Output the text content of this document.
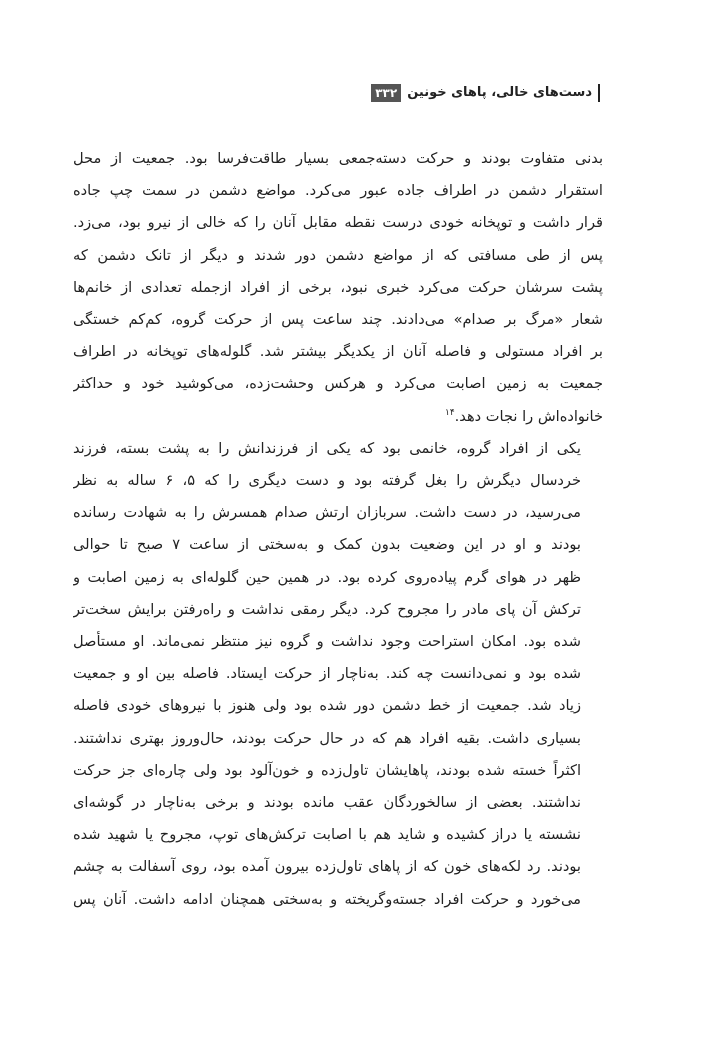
۳۳۲ دست‌های خالی، پاهای خونین

بدنی متفاوت بودند و حرکت دسته‌جمعی بسیار طاقت‌فرسا بود. جمعیت از محل
استقرار دشمن در اطراف جاده عبور می‌کرد. مواضع دشمن در سمت چپ جاده
قرار داشت و توپخانه خودی درست نقطه مقابل آنان را که خالی از نیرو بود، می‌زد.
پس از طی مسافتی که از مواضع دشمن دور شدند و دیگر از تانک دشمن که
پشت سرشان حرکت می‌کرد خبری نبود، برخی از افراد ازجمله تعدادی از خانم‌ها
شعار «مرگ بر صدام» می‌دادند. چند ساعت پس از حرکت گروه، کم‌کم خستگی
بر افراد مستولی و فاصله آنان از یکدیگر بیشتر شد. گلوله‌های توپخانه در اطراف
جمعیت به زمین اصابت می‌کرد و هرکس وحشت‌زده، می‌کوشید خود و حداکثر
خانواده‌اش را نجات دهد.$^{۱۴}$

یکی از افراد گروه، خانمی بود که یکی از فرزندانش را به پشت بسته، فرزند
خردسال دیگرش را بغل گرفته بود و دست دیگری را که ۵، ۶ ساله به نظر
می‌رسید، در دست داشت. سربازان ارتش صدام همسرش را به شهادت رسانده
بودند و او در این وضعیت بدون کمک و به‌سختی از ساعت ۷ صبح تا حوالی
ظهر در هوای گرم پیاده‌روی کرده بود. در همین حین گلوله‌ای به زمین اصابت و
ترکش آن پای مادر را مجروح کرد. دیگر رمقی نداشت و راه‌رفتن برایش سخت‌تر
شده بود. امکان استراحت وجود نداشت و گروه نیز منتظر نمی‌ماند. او مستأصل
شده بود و نمی‌دانست چه کند. به‌ناچار از حرکت ایستاد. فاصله بین او و جمعیت
زیاد شد. جمعیت از خط دشمن دور شده بود ولی هنوز با نیروهای خودی فاصله
بسیاری داشت. بقیه افراد هم که در حال حرکت بودند، حال‌وروز بهتری نداشتند.
اکثراً خسته شده بودند، پاهایشان تاول‌زده و خون‌آلود بود ولی چاره‌ای جز حرکت
نداشتند. بعضی از سالخوردگان عقب مانده بودند و برخی به‌ناچار در گوشه‌ای
نشسته یا دراز کشیده و شاید هم با اصابت ترکش‌های توپ، مجروح یا شهید شده
بودند. رد لکه‌های خون که از پاهای تاول‌زده بیرون آمده بود، روی آسفالت به چشم
می‌خورد و حرکت افراد جسته‌وگریخته و به‌سختی همچنان ادامه داشت. آنان پس
